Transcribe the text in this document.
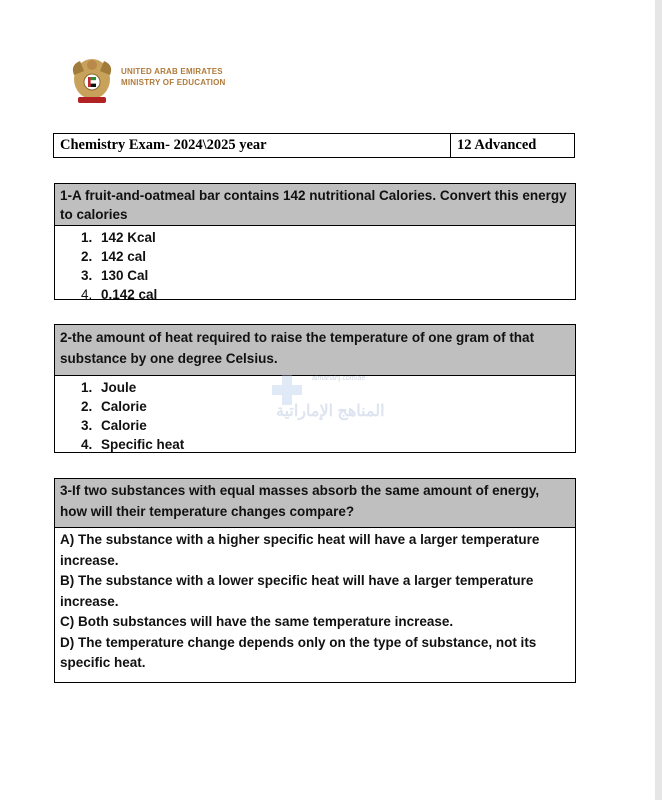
UNITED ARAB EMIRATES
MINISTRY OF EDUCATION
Chemistry Exam- 2024\2025 year	12 Advanced
1-A fruit-and-oatmeal bar contains 142 nutritional Calories. Convert this energy to calories
1. 142 Kcal
2. 142 cal
3. 130 Cal
4. 0.142 cal
2-the amount of heat required to raise the temperature of one gram of that substance by one degree Celsius.
1. Joule
2. Calorie
3. Calorie
4. Specific heat
almanahj.com/ae
المناهج الإماراتية
3-If two substances with equal masses absorb the same amount of energy, how will their temperature changes compare?
A) The substance with a higher specific heat will have a larger temperature increase.
B) The substance with a lower specific heat will have a larger temperature increase.
C) Both substances will have the same temperature increase.
D) The temperature change depends only on the type of substance, not its specific heat.
